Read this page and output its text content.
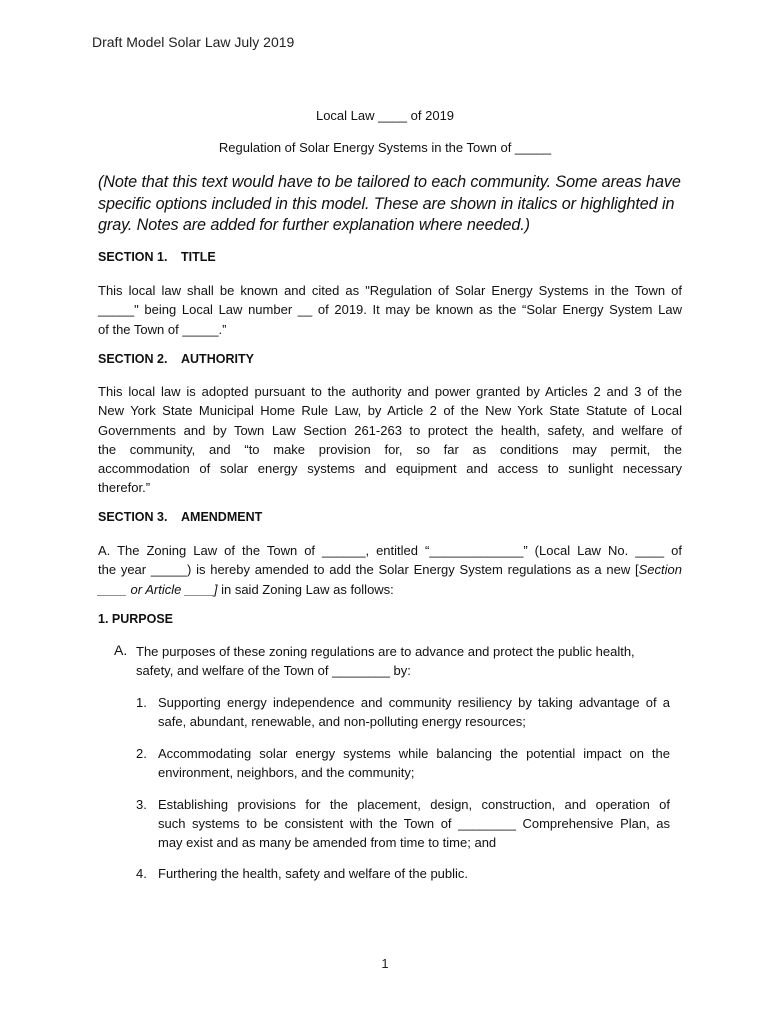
Draft Model Solar Law July 2019
Local Law ____ of 2019
Regulation of Solar Energy Systems in the Town of _____
(Note that this text would have to be tailored to each community. Some areas have
specific options included in this model. These are shown in italics or highlighted in
gray. Notes are added for further explanation where needed.)
SECTION 1. TITLE
This local law shall be known and cited as "Regulation of Solar Energy Systems in the Town of
_____" being Local Law number __ of 2019. It may be known as the “Solar Energy System Law
of the Town of _____.”
SECTION 2. AUTHORITY
This local law is adopted pursuant to the authority and power granted by Articles 2 and 3 of the
New York State Municipal Home Rule Law, by Article 2 of the New York State Statute of Local
Governments and by Town Law Section 261-263 to protect the health, safety, and welfare of
the community, and “to make provision for, so far as conditions may permit, the
accommodation of solar energy systems and equipment and access to sunlight necessary
therefor.”
SECTION 3. AMENDMENT
A. The Zoning Law of the Town of ______, entitled “_____________” (Local Law No. ____ of
the year _____) is hereby amended to add the Solar Energy System regulations as a new [Section
____ or Article ____] in said Zoning Law as follows:
1. PURPOSE
A. The purposes of these zoning regulations are to advance and protect the public health,
safety, and welfare of the Town of ________ by:
1. Supporting energy independence and community resiliency by taking advantage of a
safe, abundant, renewable, and non-polluting energy resources;
2. Accommodating solar energy systems while balancing the potential impact on the
environment, neighbors, and the community;
3. Establishing provisions for the placement, design, construction, and operation of
such systems to be consistent with the Town of ________ Comprehensive Plan, as
may exist and as many be amended from time to time; and
4. Furthering the health, safety and welfare of the public.
1
